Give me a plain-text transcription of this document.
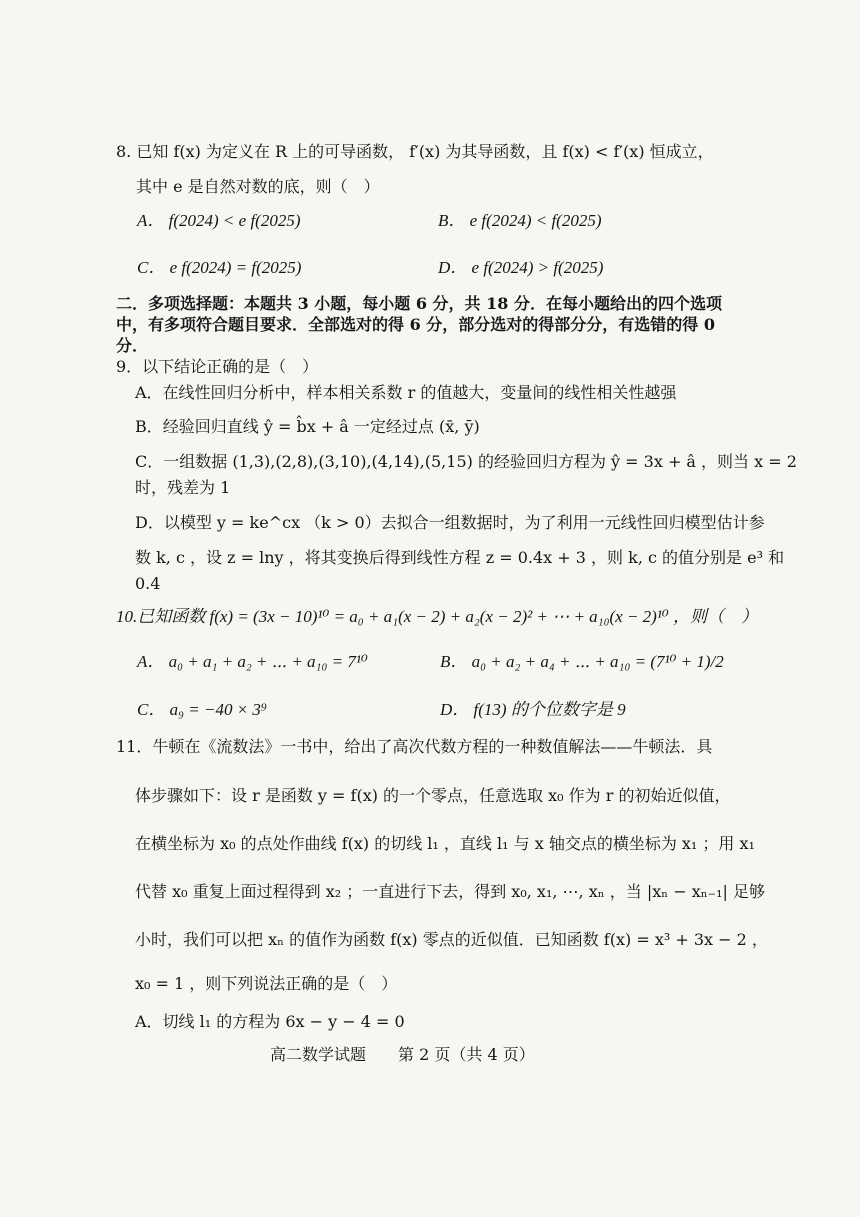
8. 已知 f(x) 为定义在 R 上的可导函数， f′(x) 为其导函数，且 f(x) < f′(x) 恒成立，
其中 e 是自然对数的底，则（　）
A． f(2024) < e f(2025)	B． e f(2024) < f(2025)
C． e f(2024) = f(2025)	D． e f(2024) > f(2025)
二．多项选择题：本题共 3 小题，每小题 6 分，共 18 分．在每小题给出的四个选项
中，有多项符合题目要求．全部选对的得 6 分，部分选对的得部分分，有选错的得 0
分．
9．以下结论正确的是（　）
A．在线性回归分析中，样本相关系数 r 的值越大，变量间的线性相关性越强
B．经验回归直线 ŷ = b̂x + â 一定经过点 (x̄, ȳ)
C．一组数据 (1,3),(2,8),(3,10),(4,14),(5,15) 的经验回归方程为 ŷ = 3x + â ，则当 x = 2
时，残差为 1
D．以模型 y = ke^cx （k > 0）去拟合一组数据时，为了利用一元线性回归模型估计参
数 k, c ，设 z = lny ，将其变换后得到线性方程 z = 0.4x + 3 ，则 k, c 的值分别是 e³ 和
0.4
10.已知函数 f(x) = (3x − 10)¹⁰ = a₀ + a₁(x − 2) + a₂(x − 2)² + ⋯ + a₁₀(x − 2)¹⁰ ，则（　）
A． a₀ + a₁ + a₂ + ⋯ + a₁₀ = 7¹⁰	B． a₀ + a₂ + a₄ + ⋯ + a₁₀ = (7¹⁰ + 1)/2
C． a₉ = −40 × 3⁹	D． f(13) 的个位数字是 9
11．牛顿在《流数法》一书中，给出了高次代数方程的一种数值解法——牛顿法．具
体步骤如下：设 r 是函数 y = f(x) 的一个零点，任意选取 x₀ 作为 r 的初始近似值，
在横坐标为 x₀ 的点处作曲线 f(x) 的切线 l₁ ，直线 l₁ 与 x 轴交点的横坐标为 x₁ ；用 x₁
代替 x₀ 重复上面过程得到 x₂ ；一直进行下去，得到 x₀, x₁, ⋯, xₙ ，当 |xₙ − xₙ₋₁| 足够
小时，我们可以把 xₙ 的值作为函数 f(x) 零点的近似值．已知函数 f(x) = x³ + 3x − 2 ，
x₀ = 1 ，则下列说法正确的是（　）
A．切线 l₁ 的方程为 6x − y − 4 = 0
高二数学试题　　第 2 页（共 4 页）
